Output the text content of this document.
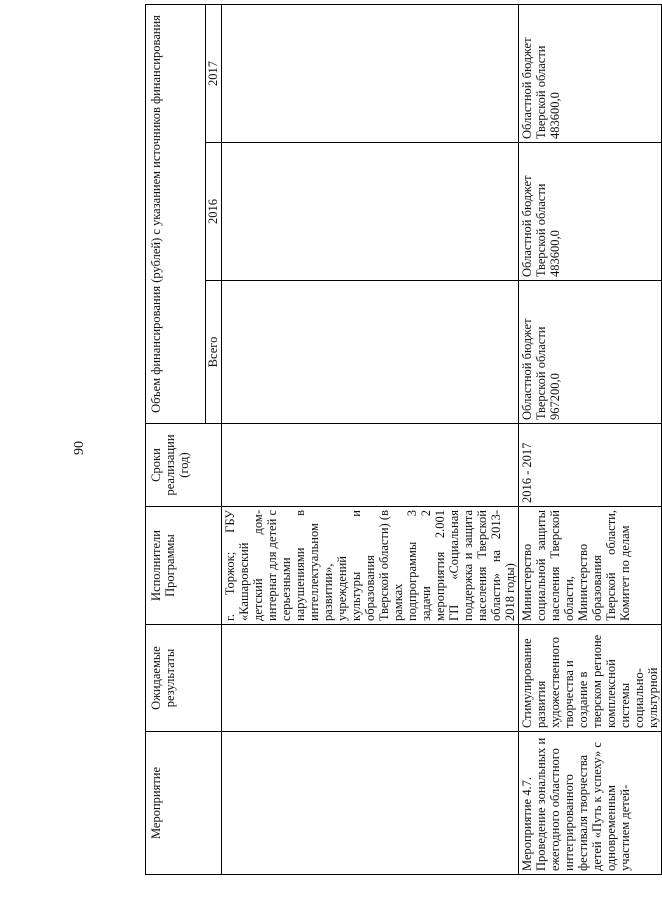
90
Мероприятие	Ожидаемые результаты	Исполнители Программы	Сроки реализации (год)	Объем финансирования (рублей) с указанием источников финансирования		
				Всего	2016	2017
		г. Торжок; ГБУ «Кашаровский детский дом-интернат для детей с серьезными нарушениями в интеллектуальном развитии», учреждений культуры и образования Тверской области) (в рамках подпрограммы 3 задачи 2 мероприятия 2.001 ГП «Социальная поддержка и защита населения Тверской области» на 2013-2018 годы)				
Мероприятие 4.7. Проведение зональных и ежегодного областного интегрированного фестиваля творчества детей «Путь к успеху» с одновременным участием детей-	Стимулирование развития художественного творчества и создание в тверском регионе комплексной системы социально-культурной	Министерство социальной защиты населения Тверской области, Министерство образования Тверской области, Комитет по делам	2016 - 2017	Областной бюджет Тверской области 967200,0	Областной бюджет Тверской области 483600,0	Областной бюджет Тверской области 483600,0
